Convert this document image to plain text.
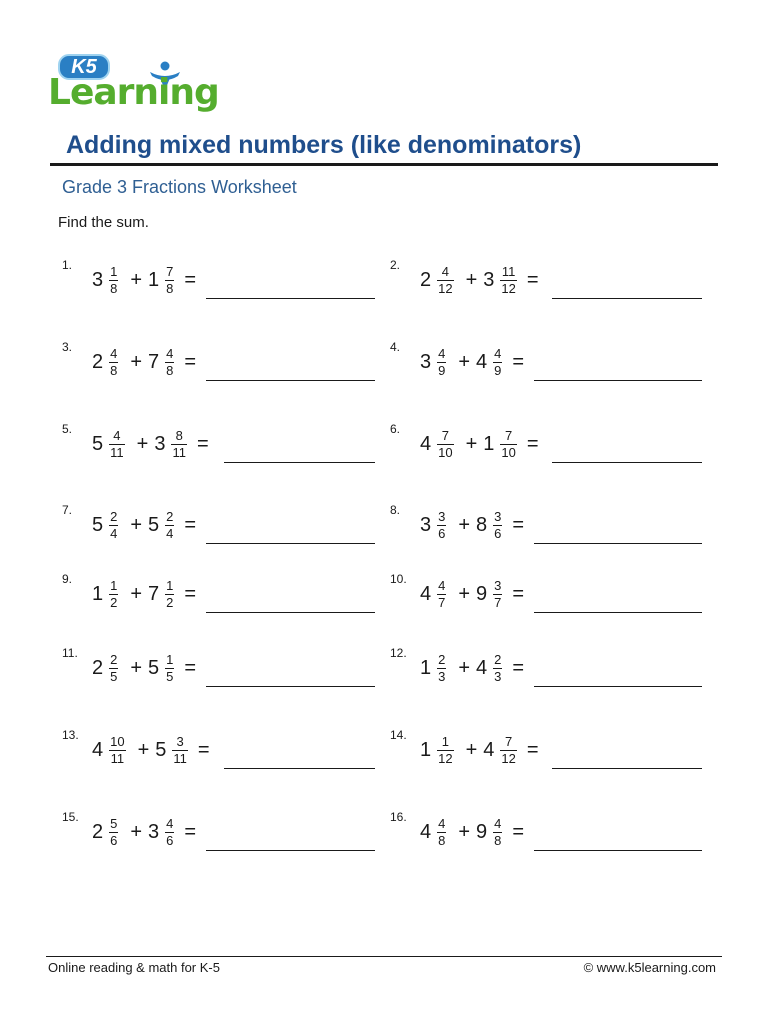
K5
Learning
Adding mixed numbers (like denominators)
Grade 3 Fractions Worksheet
Find the sum.
1.
$3 \frac{1}{8} + 1 \frac{7}{8}$ =
2.
$2 \frac{4}{12} + 3 \frac{11}{12}$ =
3.
$2 \frac{4}{8} + 7 \frac{4}{8}$ =
4.
$3 \frac{4}{9} + 4 \frac{4}{9}$ =
5.
$5 \frac{4}{11} + 3 \frac{8}{11}$ =
6.
$4 \frac{7}{10} + 1 \frac{7}{10}$ =
7.
$5 \frac{2}{4} + 5 \frac{2}{4}$ =
8.
$3 \frac{3}{6} + 8 \frac{3}{6}$ =
9.
$1 \frac{1}{2} + 7 \frac{1}{2}$ =
10.
$4 \frac{4}{7} + 9 \frac{3}{7}$ =
11.
$2 \frac{2}{5} + 5 \frac{1}{5}$ =
12.
$1 \frac{2}{3} + 4 \frac{2}{3}$ =
13.
$4 \frac{10}{11} + 5 \frac{3}{11}$ =
14.
$1 \frac{1}{12} + 4 \frac{7}{12}$ =
15.
$2 \frac{5}{6} + 3 \frac{4}{6}$ =
16.
$4 \frac{4}{8} + 9 \frac{4}{8}$ =
Online reading & math for K-5	© www.k5learning.com
